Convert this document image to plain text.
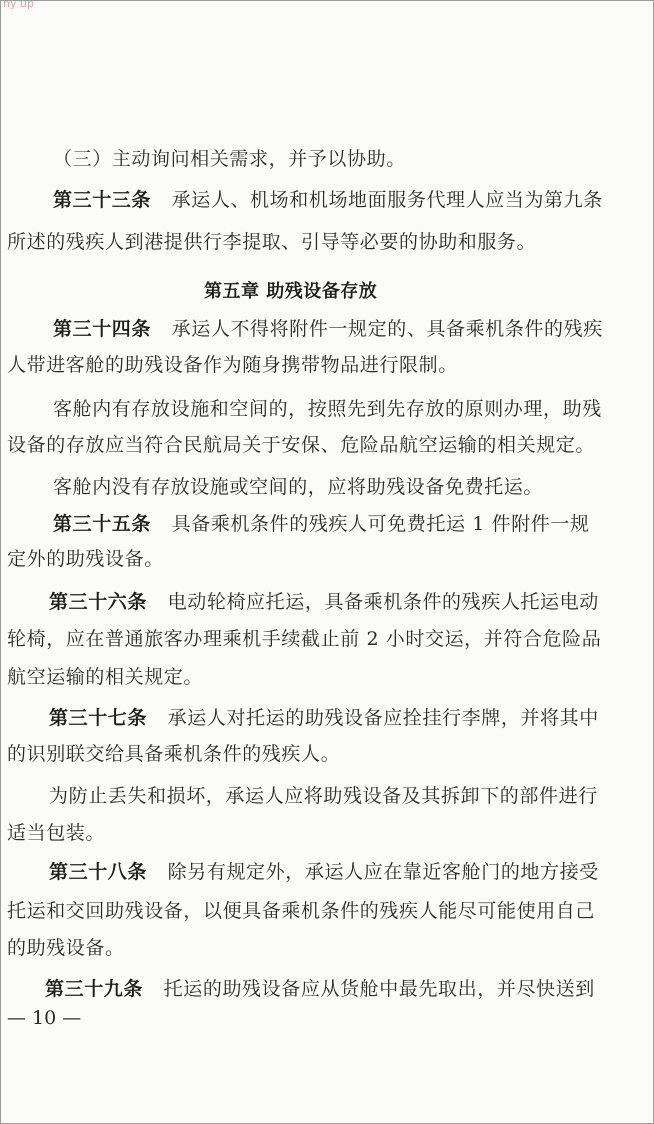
ny up
（三）主动询问相关需求，并予以协助。
第三十三条 承运人、机场和机场地面服务代理人应当为第九条
所述的残疾人到港提供行李提取、引导等必要的协助和服务。
第五章 助残设备存放
第三十四条 承运人不得将附件一规定的、具备乘机条件的残疾
人带进客舱的助残设备作为随身携带物品进行限制。
客舱内有存放设施和空间的，按照先到先存放的原则办理，助残
设备的存放应当符合民航局关于安保、危险品航空运输的相关规定。
客舱内没有存放设施或空间的，应将助残设备免费托运。
第三十五条 具备乘机条件的残疾人可免费托运 1 件附件一规
定外的助残设备。
第三十六条 电动轮椅应托运，具备乘机条件的残疾人托运电动
轮椅，应在普通旅客办理乘机手续截止前 2 小时交运，并符合危险品
航空运输的相关规定。
第三十七条 承运人对托运的助残设备应拴挂行李牌，并将其中
的识别联交给具备乘机条件的残疾人。
为防止丢失和损坏，承运人应将助残设备及其拆卸下的部件进行
适当包装。
第三十八条 除另有规定外，承运人应在靠近客舱门的地方接受
托运和交回助残设备，以便具备乘机条件的残疾人能尽可能使用自己
的助残设备。
第三十九条 托运的助残设备应从货舱中最先取出，并尽快送到
— 10 —
